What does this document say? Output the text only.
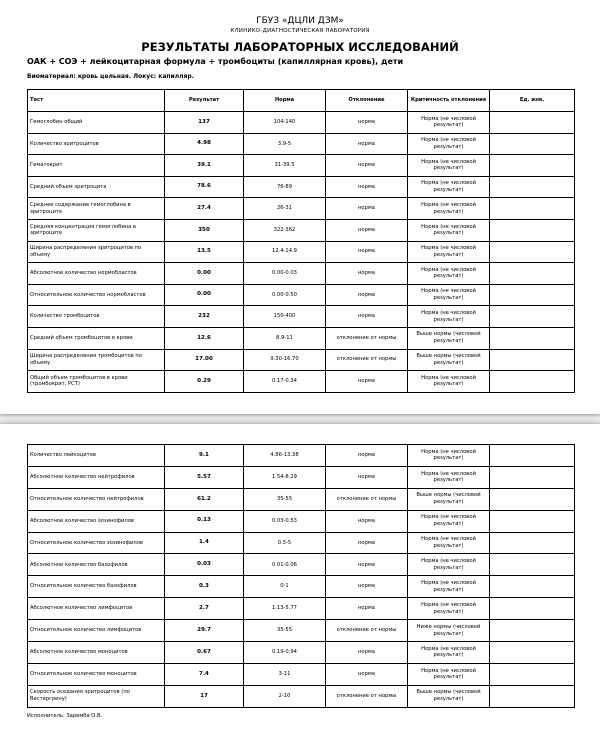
ГБУЗ «ДЦЛИ ДЗМ»
КЛИНИКО-ДИАГНОСТИЧЕСКАЯ ЛАБОРАТОРИЯ
РЕЗУЛЬТАТЫ ЛАБОРАТОРНЫХ ИССЛЕДОВАНИЙ
ОАК + СОЭ + лейкоцитарная формула + тромбоциты (капиллярная кровь), дети
Биоматериал: кровь цельная. Локус: капилляр.
Тест	Результат	Норма	Отклонение	Критичность отклонения	Ед. изм.
Гемоглобин общий	137	104-140	норма	Норма (не числовой результат)	
Количество эритроцитов	4.98	3.9-5	норма	Норма (не числовой результат)	
Гематокрит	39.1	31-39.5	норма	Норма (не числовой результат)	
Средний объем эритроцита	78.6	76-89	норма	Норма (не числовой результат)	
Среднее содержание гемоглобина в эритроците	27.4	26-31	норма	Норма (не числовой результат)	
Средняя концентрация гемоглобина в эритроците	350	322-362	норма	Норма (не числовой результат)	
Ширина распределения эритроцитов по объему	13.5	12.4-14.9	норма	Норма (не числовой результат)	
Абсолютное количество нормобластов	0.00	0.00-0.03	норма	Норма (не числовой результат)	
Относительное количество нормобластов	0.00	0.00-0.50	норма	Норма (не числовой результат)	
Количество тромбоцитов	232	150-400	норма	Норма (не числовой результат)	
Средний объем тромбоцитов в крови	12.6	8.9-11	отклонение от нормы	Выше нормы (числовой результат)	
Ширина распределения тромбоцитов по объему	17.00	9.30-16.70	отклонение от нормы	Выше нормы (числовой результат)	
Общий объем тромбоцитов в крови (тромбокрит, PCT)	0.29	0.17-0.34	норма	Норма (не числовой результат)	
Количество лейкоцитов	9.1	4.86-13.38	норма	Норма (не числовой результат)	
Абсолютное количество нейтрофилов	5.57	1.54-8.29	норма	Норма (не числовой результат)	
Относительное количество нейтрофилов	61.2	35-55	отклонение от нормы	Выше нормы (числовой результат)	
Абсолютное количество эозинофилов	0.13	0.03-0.53	норма	Норма (не числовой результат)	
Относительное количество эозинофилов	1.4	0.5-5	норма	Норма (не числовой результат)	
Абсолютное количество базофилов	0.03	0.01-0.06	норма	Норма (не числовой результат)	
Относительное количество базофилов	0.3	0-1	норма	Норма (не числовой результат)	
Абсолютное количество лимфоцитов	2.7	1.13-5.77	норма	Норма (не числовой результат)	
Относительное количество лимфоцитов	29.7	35-55	отклонение от нормы	Ниже нормы (числовой результат)	
Абсолютное количество моноцитов	0.67	0.19-0.94	норма	Норма (не числовой результат)	
Относительное количество моноцитов	7.4	3-11	норма	Норма (не числовой результат)	
Скорость оседания эритроцитов (по Вестергрену)	17	2-10	отклонение от нормы	Выше нормы (числовой результат)	
Исполнитель: Заремба О.В.
